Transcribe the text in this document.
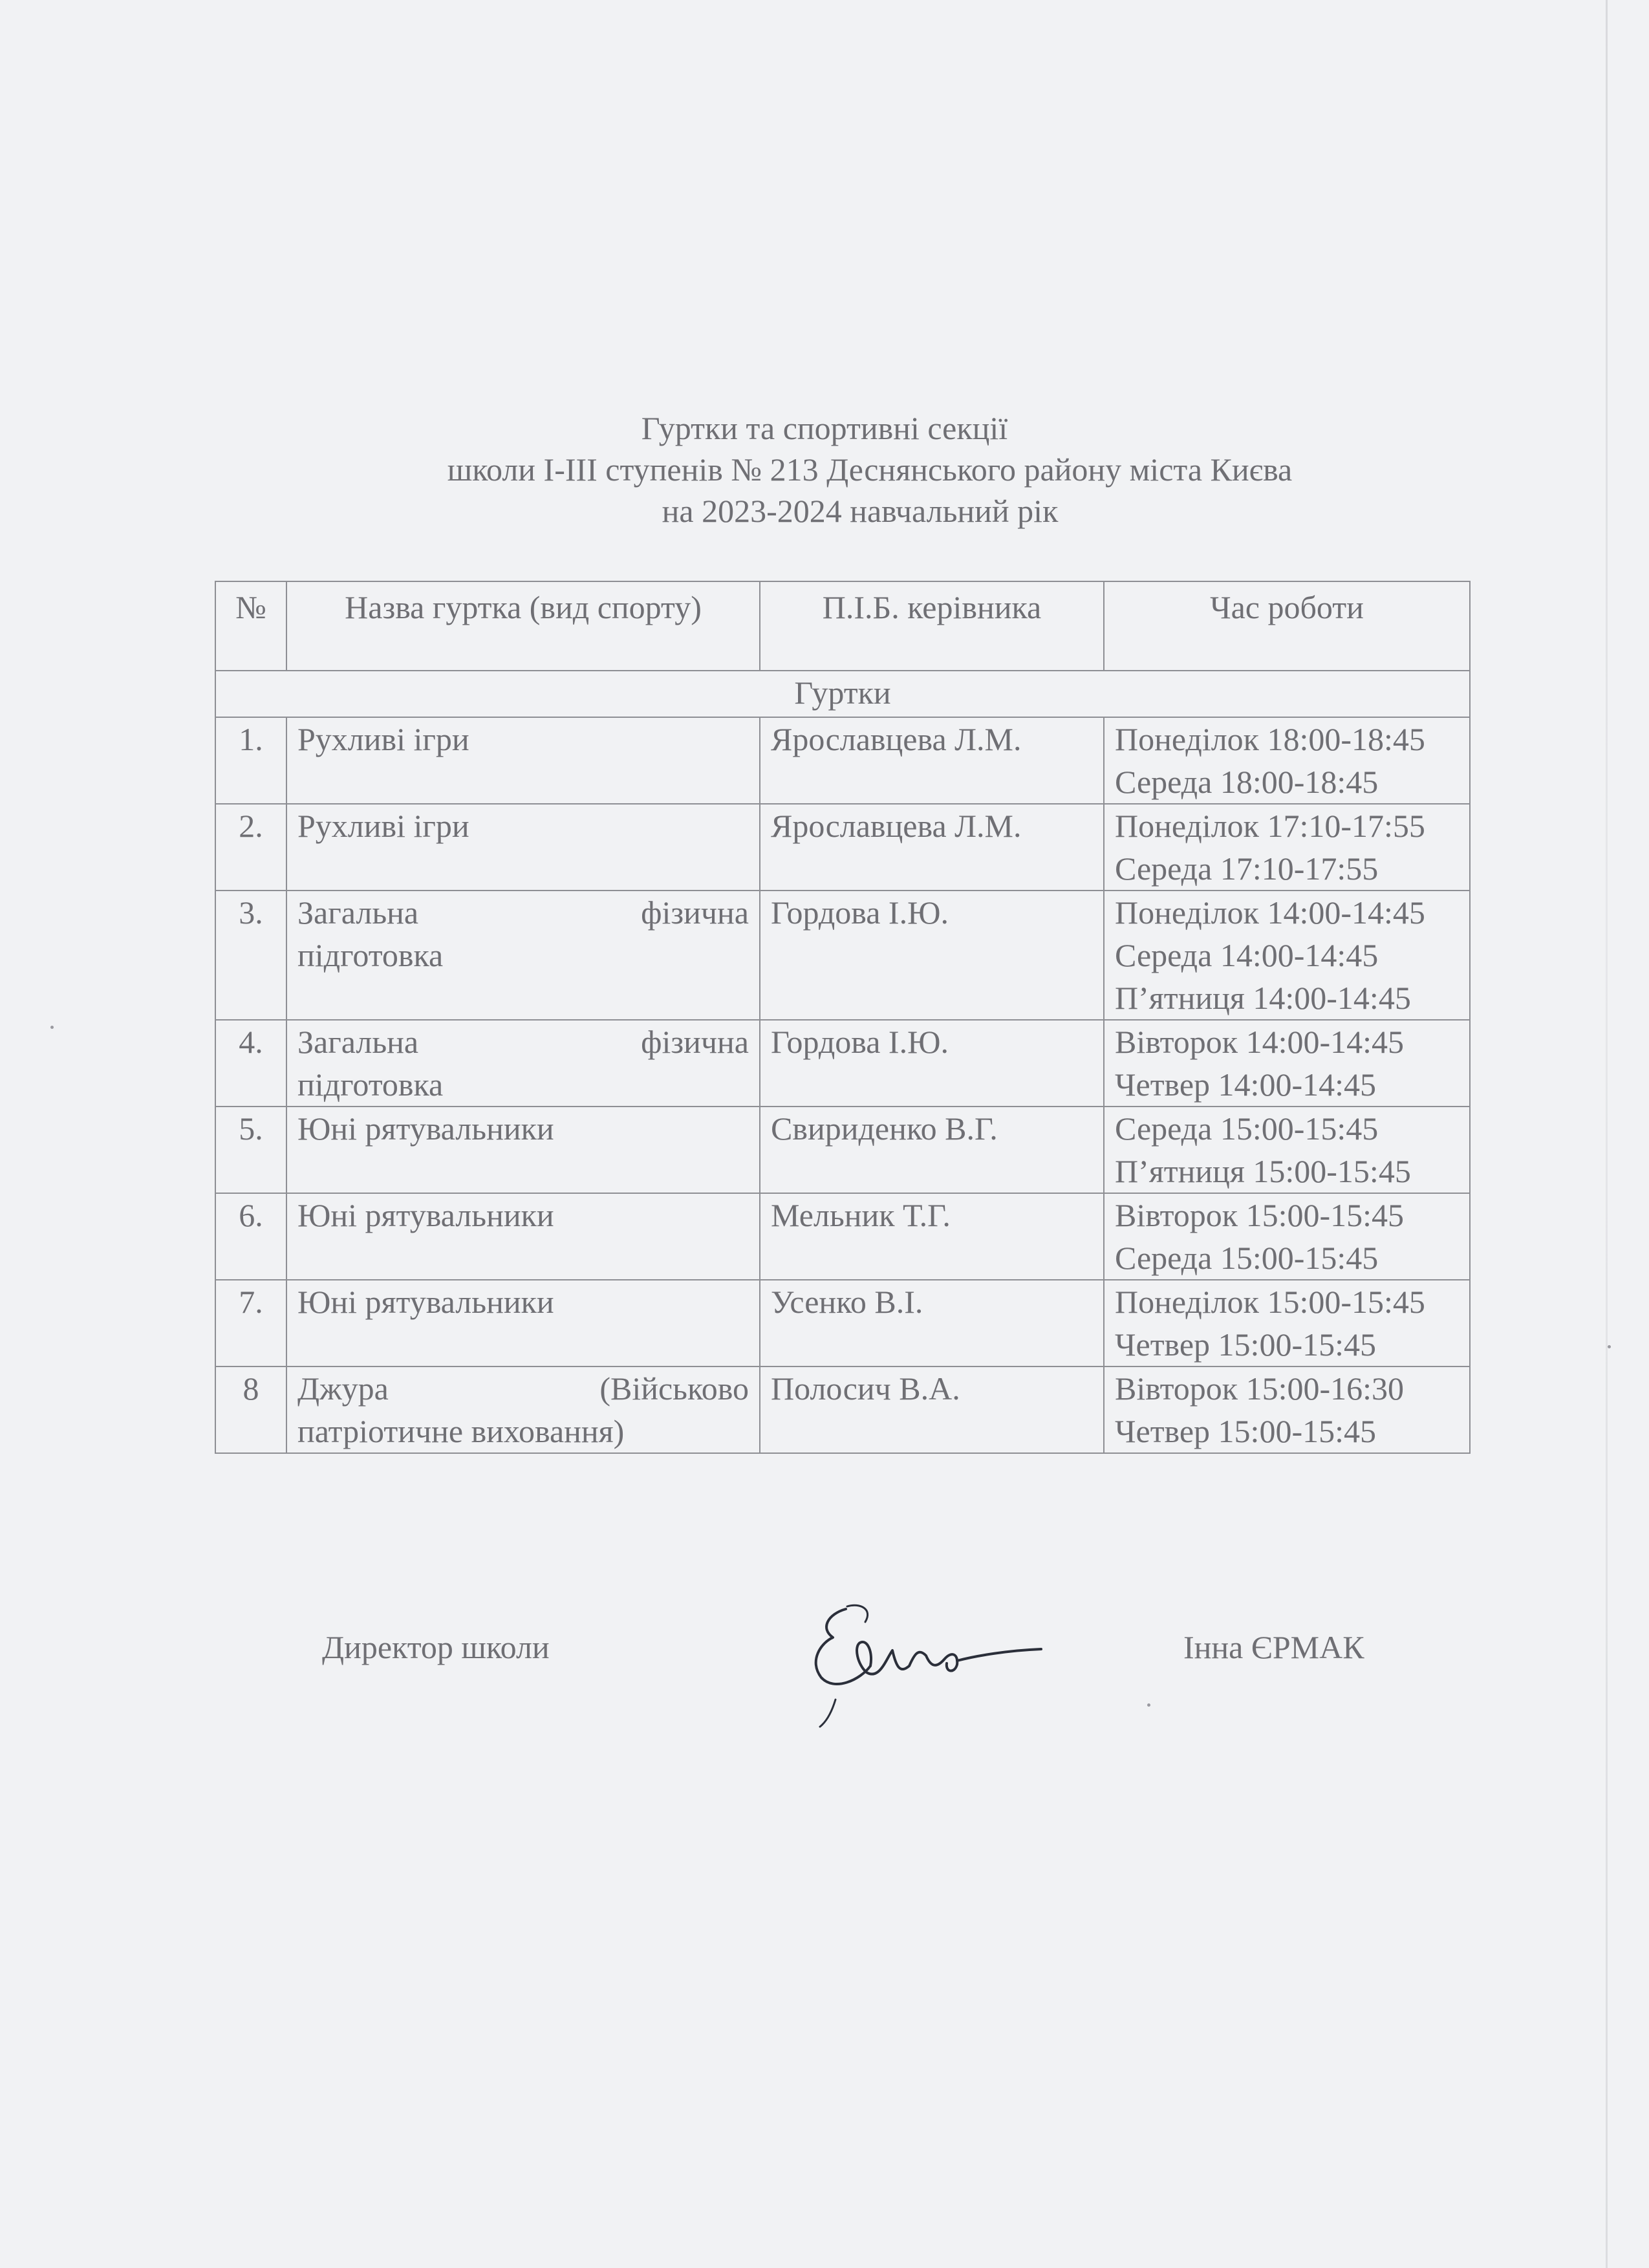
Гуртки та спортивні секції
школи І-ІІІ ступенів № 213 Деснянського району міста Києва
на 2023-2024 навчальний рік
№	Назва гуртка (вид спорту)	П.І.Б. керівника	Час роботи
Гуртки			
1.	Рухливі ігри	Ярославцева Л.М.	Понеділок 18:00-18:45
Середа 18:00-18:45

2.	Рухливі ігри	Ярославцева Л.М.	Понеділок 17:10-17:55
Середа 17:10-17:55

3.	Загальна фізична
підготовка	Гордова І.Ю.	Понеділок 14:00-14:45
Середа 14:00-14:45
П’ятниця 14:00-14:45

4.	Загальна фізична
підготовка	Гордова І.Ю.	Вівторок 14:00-14:45
Четвер 14:00-14:45

5.	Юні рятувальники	Свириденко В.Г.	Середа 15:00-15:45
П’ятниця 15:00-15:45

6.	Юні рятувальники	Мельник Т.Г.	Вівторок 15:00-15:45
Середа 15:00-15:45

7.	Юні рятувальники	Усенко В.І.	Понеділок 15:00-15:45
Четвер 15:00-15:45

8	Джура (Військово
патріотичне виховання)	Полосич В.А.	Вівторок 15:00-16:30
Четвер 15:00-15:45
Директор школи	Інна ЄРМАК
